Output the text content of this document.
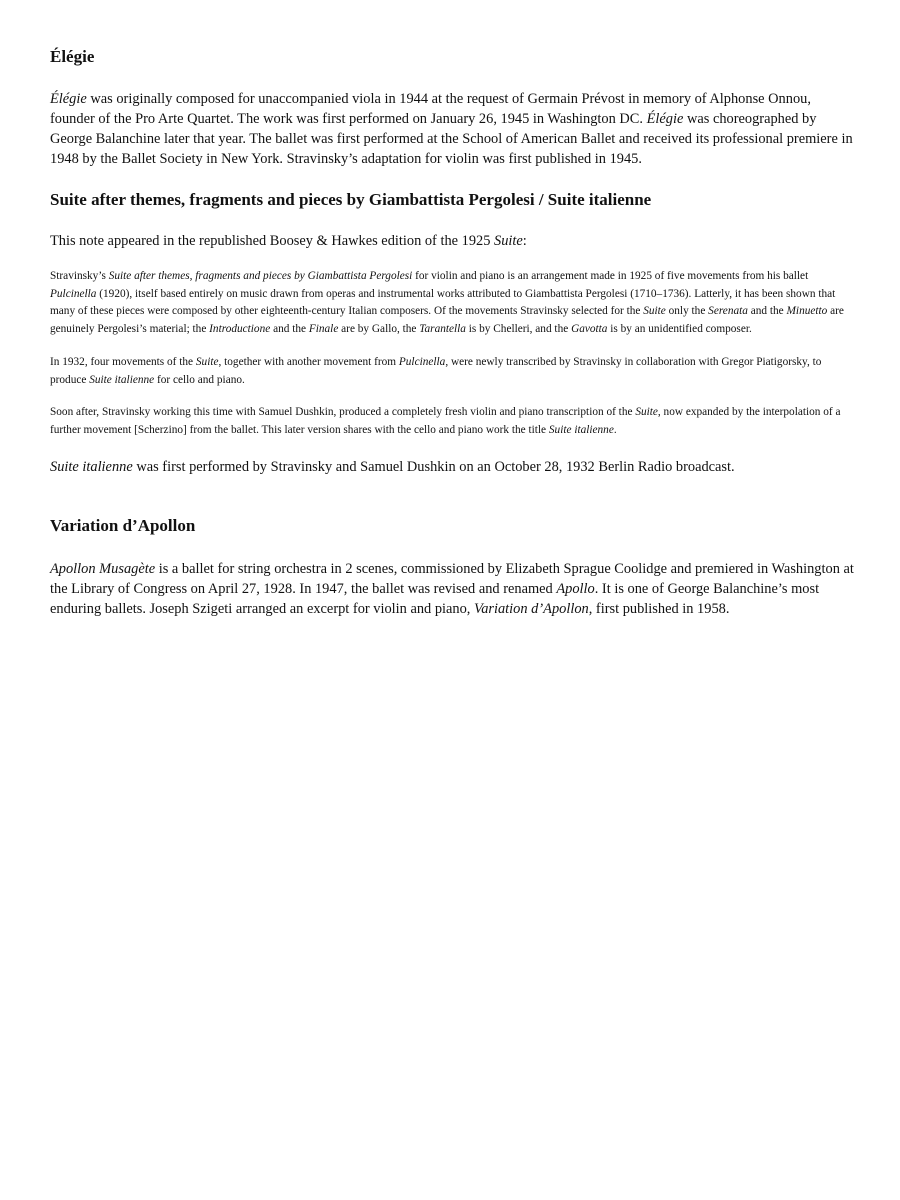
Élégie

Élégie was originally composed for unaccompanied viola in 1944 at the request of Germain Prévost in memory of Alphonse Onnou, founder of the Pro Arte Quartet. The work was first performed on January 26, 1945 in Washington DC. Élégie was choreographed by George Balanchine later that year. The ballet was first performed at the School of American Ballet and received its professional premiere in 1948 by the Ballet Society in New York. Stravinsky’s adaptation for violin was first published in 1945.

Suite after themes, fragments and pieces by Giambattista Pergolesi / Suite italienne

This note appeared in the republished Boosey & Hawkes edition of the 1925 Suite:

Stravinsky’s Suite after themes, fragments and pieces by Giambattista Pergolesi for violin and piano is an arrangement made in 1925 of five movements from his ballet Pulcinella (1920), itself based entirely on music drawn from operas and instrumental works attributed to Giambattista Pergolesi (1710–1736). Latterly, it has been shown that many of these pieces were composed by other eighteenth-century Italian composers. Of the movements Stravinsky selected for the Suite only the Serenata and the Minuetto are genuinely Pergolesi’s material; the Introductione and the Finale are by Gallo, the Tarantella is by Chelleri, and the Gavotta is by an unidentified composer.

In 1932, four movements of the Suite, together with another movement from Pulcinella, were newly transcribed by Stravinsky in collaboration with Gregor Piatigorsky, to produce Suite italienne for cello and piano.

Soon after, Stravinsky working this time with Samuel Dushkin, produced a completely fresh violin and piano transcription of the Suite, now expanded by the interpolation of a further movement [Scherzino] from the ballet. This later version shares with the cello and piano work the title Suite italienne.

Suite italienne was first performed by Stravinsky and Samuel Dushkin on an October 28, 1932 Berlin Radio broadcast.

Variation d’Apollon

Apollon Musagète is a ballet for string orchestra in 2 scenes, commissioned by Elizabeth Sprague Coolidge and premiered in Washington at the Library of Congress on April 27, 1928. In 1947, the ballet was revised and renamed Apollo. It is one of George Balanchine’s most enduring ballets. Joseph Szigeti arranged an excerpt for violin and piano, Variation d’Apollon, first published in 1958.
